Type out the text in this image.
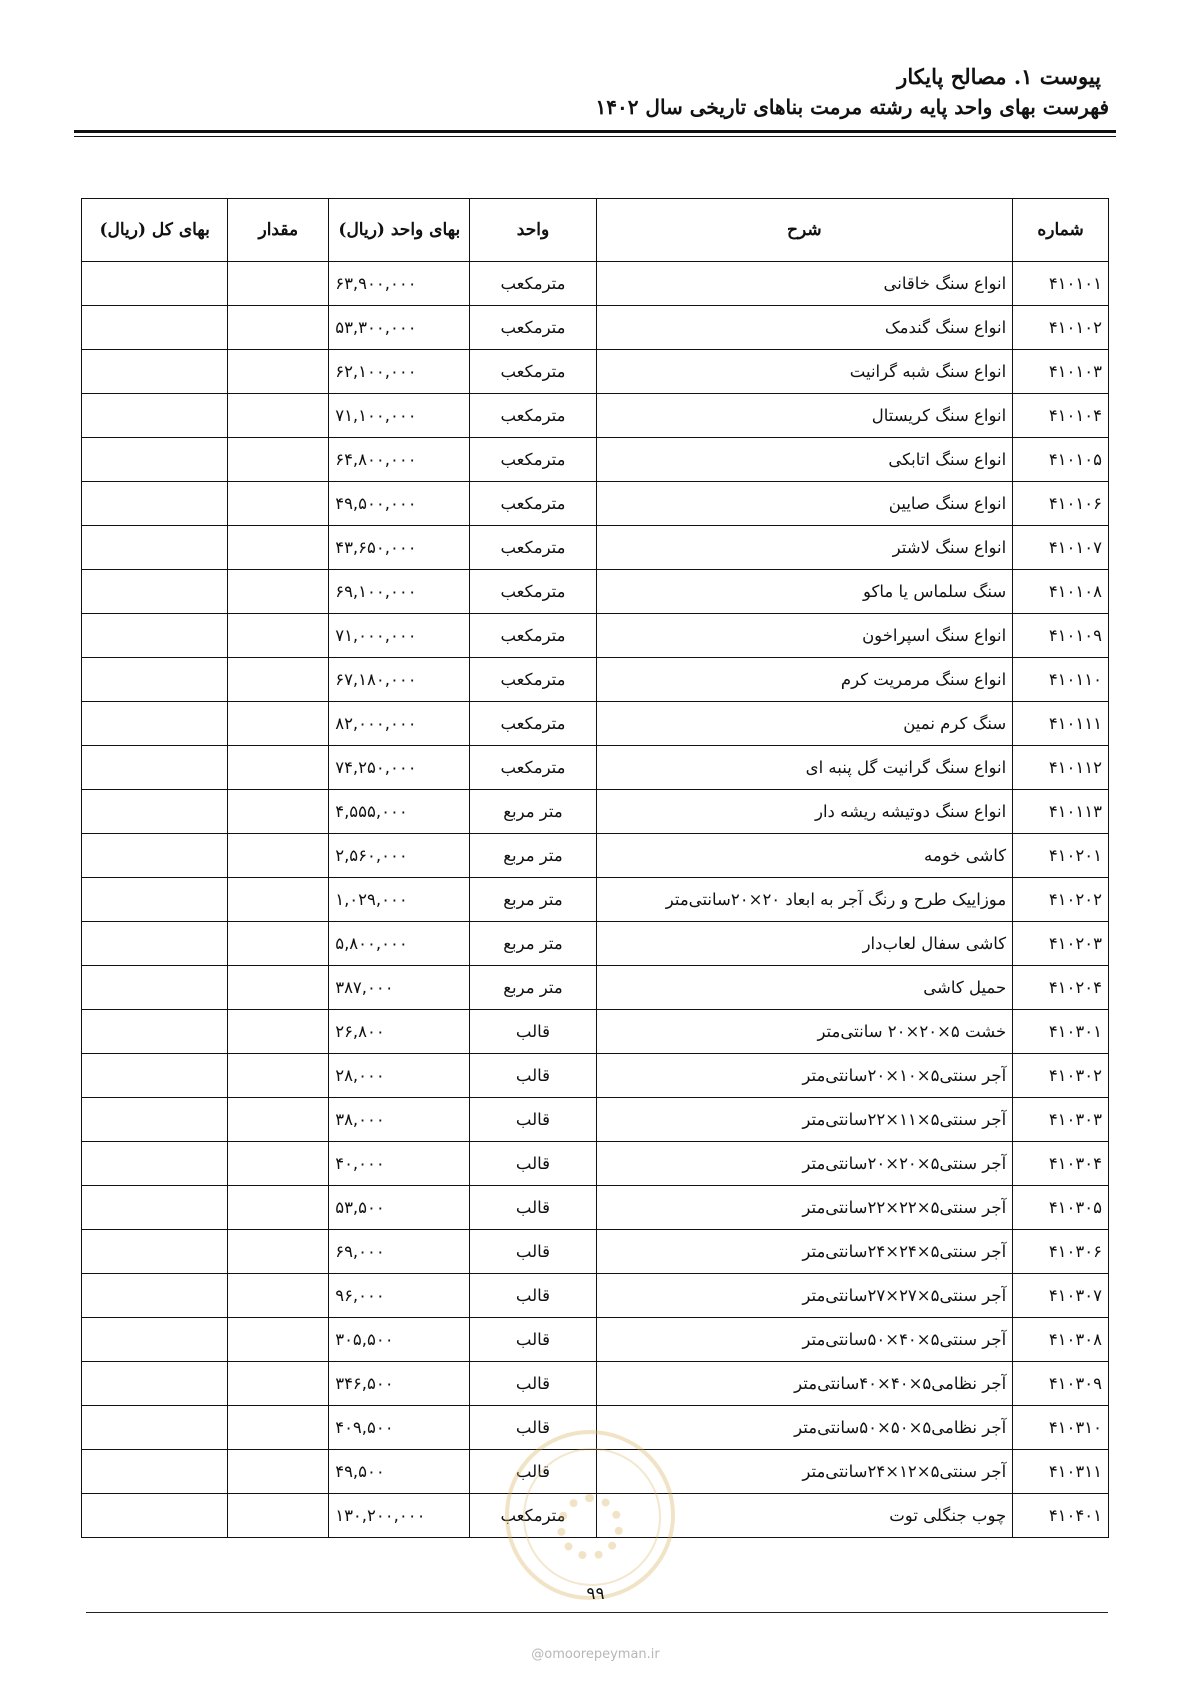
پیوست ۱. مصالح پایکار
فهرست بهای واحد پایه رشته مرمت بناهای تاریخی سال ۱۴۰۲
شماره	شرح	واحد	بهای واحد (ریال)	مقدار	بهای کل (ریال)
۴۱۰۱۰۱	انواع سنگ خاقانی	مترمکعب	۶۳,۹۰۰,۰۰۰		
۴۱۰۱۰۲	انواع سنگ گندمک	مترمکعب	۵۳,۳۰۰,۰۰۰		
۴۱۰۱۰۳	انواع سنگ شبه گرانیت	مترمکعب	۶۲,۱۰۰,۰۰۰		
۴۱۰۱۰۴	انواع سنگ کریستال	مترمکعب	۷۱,۱۰۰,۰۰۰		
۴۱۰۱۰۵	انواع سنگ اتابکی	مترمکعب	۶۴,۸۰۰,۰۰۰		
۴۱۰۱۰۶	انواع سنگ صایین	مترمکعب	۴۹,۵۰۰,۰۰۰		
۴۱۰۱۰۷	انواع سنگ لاشتر	مترمکعب	۴۳,۶۵۰,۰۰۰		
۴۱۰۱۰۸	سنگ سلماس یا ماکو	مترمکعب	۶۹,۱۰۰,۰۰۰		
۴۱۰۱۰۹	انواع سنگ اسپراخون	مترمکعب	۷۱,۰۰۰,۰۰۰		
۴۱۰۱۱۰	انواع سنگ مرمریت کرم	مترمکعب	۶۷,۱۸۰,۰۰۰		
۴۱۰۱۱۱	سنگ کرم نمین	مترمکعب	۸۲,۰۰۰,۰۰۰		
۴۱۰۱۱۲	انواع سنگ گرانیت گل پنبه ای	مترمکعب	۷۴,۲۵۰,۰۰۰		
۴۱۰۱۱۳	انواع سنگ دوتیشه ریشه دار	متر مربع	۴,۵۵۵,۰۰۰		
۴۱۰۲۰۱	کاشی خومه	متر مربع	۲,۵۶۰,۰۰۰		
۴۱۰۲۰۲	موزاییک طرح و رنگ آجر به ابعاد ۲۰×۲۰سانتی‌متر	متر مربع	۱,۰۲۹,۰۰۰		
۴۱۰۲۰۳	کاشی سفال لعاب‌دار	متر مربع	۵,۸۰۰,۰۰۰		
۴۱۰۲۰۴	حمیل کاشی	متر مربع	۳۸۷,۰۰۰		
۴۱۰۳۰۱	خشت ۵×۲۰×۲۰ سانتی‌متر	قالب	۲۶,۸۰۰		
۴۱۰۳۰۲	آجر سنتی۵×۱۰×۲۰سانتی‌متر	قالب	۲۸,۰۰۰		
۴۱۰۳۰۳	آجر سنتی۵×۱۱×۲۲سانتی‌متر	قالب	۳۸,۰۰۰		
۴۱۰۳۰۴	آجر سنتی۵×۲۰×۲۰سانتی‌متر	قالب	۴۰,۰۰۰		
۴۱۰۳۰۵	آجر سنتی۵×۲۲×۲۲سانتی‌متر	قالب	۵۳,۵۰۰		
۴۱۰۳۰۶	آجر سنتی۵×۲۴×۲۴سانتی‌متر	قالب	۶۹,۰۰۰		
۴۱۰۳۰۷	آجر سنتی۵×۲۷×۲۷سانتی‌متر	قالب	۹۶,۰۰۰		
۴۱۰۳۰۸	آجر سنتی۵×۴۰×۵۰سانتی‌متر	قالب	۳۰۵,۵۰۰		
۴۱۰۳۰۹	آجر نظامی۵×۴۰×۴۰سانتی‌متر	قالب	۳۴۶,۵۰۰		
۴۱۰۳۱۰	آجر نظامی۵×۵۰×۵۰سانتی‌متر	قالب	۴۰۹,۵۰۰		
۴۱۰۳۱۱	آجر سنتی۵×۱۲×۲۴سانتی‌متر	قالب	۴۹,۵۰۰		
۴۱۰۴۰۱	چوب جنگلی توت	مترمکعب	۱۳۰,۲۰۰,۰۰۰		
۹۹
@omoorepeyman.ir
